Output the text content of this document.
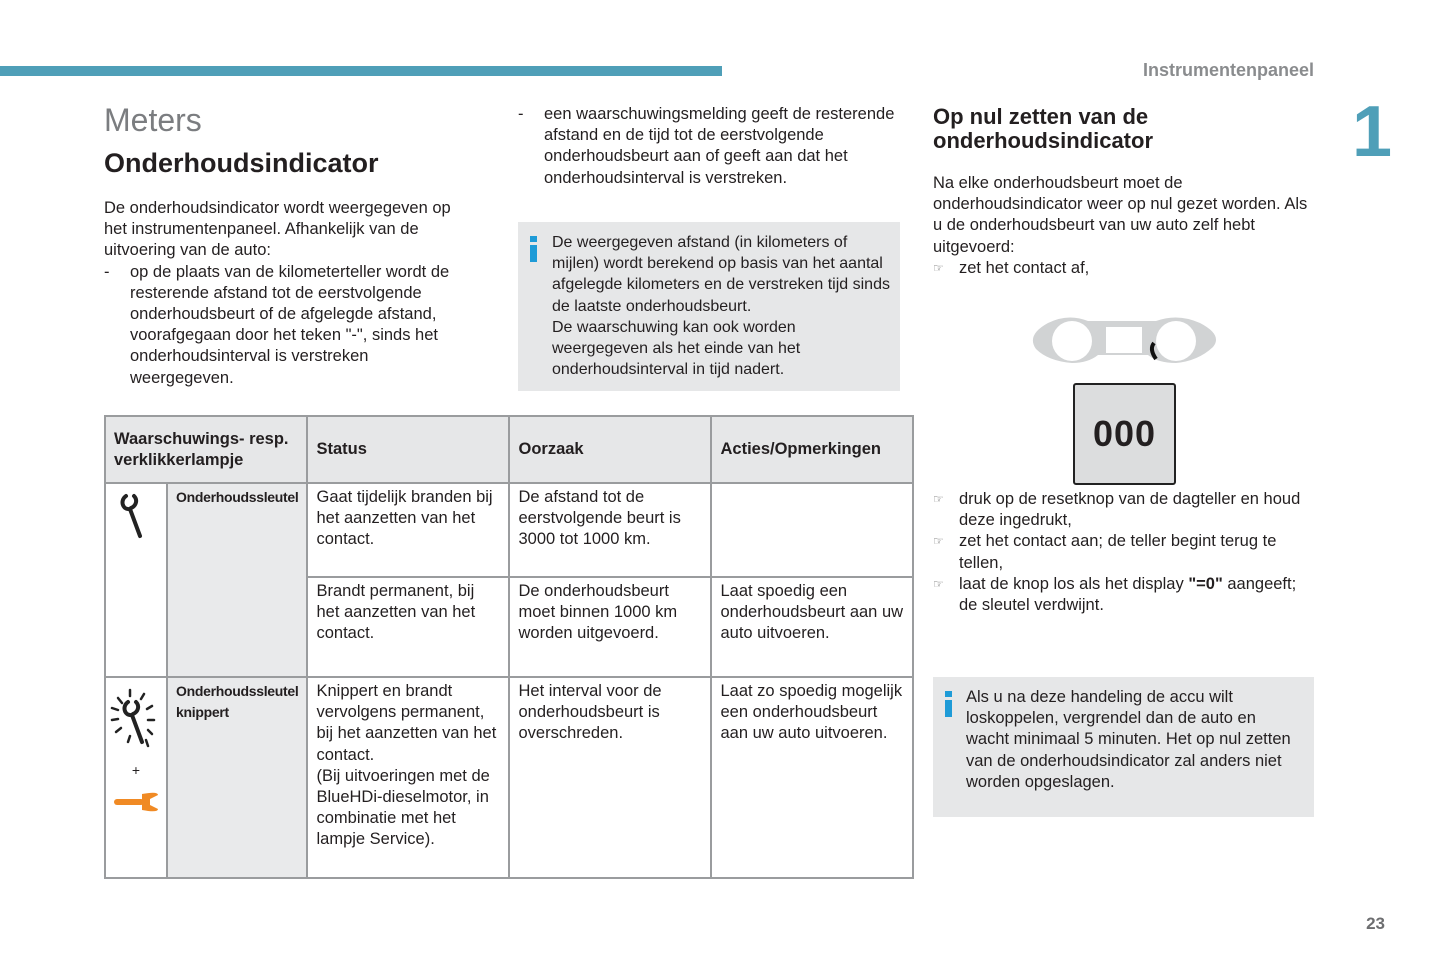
Instrumentenpaneel
1
Meters
Onderhoudsindicator
De onderhoudsindicator wordt weergegeven op het instrumentenpaneel. Afhankelijk van de uitvoering van de auto:
- op de plaats van de kilometerteller wordt de resterende afstand tot de eerstvolgende onderhoudsbeurt of de afgelegde afstand, voorafgegaan door het teken "-", sinds het onderhoudsinterval is verstreken weergegeven.
- een waarschuwingsmelding geeft de resterende afstand en de tijd tot de eerstvolgende onderhoudsbeurt aan of geeft aan dat het onderhoudsinterval is verstreken.
De weergegeven afstand (in kilometers of mijlen) wordt berekend op basis van het aantal afgelegde kilometers en de verstreken tijd sinds de laatste onderhoudsbeurt.
De waarschuwing kan ook worden weergegeven als het einde van het onderhoudsinterval in tijd nadert.
Waarschuwings- resp. verklikkerlampje		Status	Oorzaak	Acties/Opmerkingen
	Onderhoudssleutel	Gaat tijdelijk branden bij het aanzetten van het contact.	De afstand tot de eerstvolgende beurt is 3000 tot 1000 km.	
		Brandt permanent, bij het aanzetten van het contact.	De onderhoudsbeurt moet binnen 1000 km worden uitgevoerd.	Laat spoedig een onderhoudsbeurt aan uw auto uitvoeren.

+	Onderhoudssleutel knippert	Knippert en brandt vervolgens permanent, bij het aanzetten van het contact.
(Bij uitvoeringen met de BlueHDi-dieselmotor, in combinatie met het lampje Service).	Het interval voor de onderhoudsbeurt is overschreden.	Laat zo spoedig mogelijk een onderhoudsbeurt aan uw auto uitvoeren.
Op nul zetten van de onderhoudsindicator
Na elke onderhoudsbeurt moet de onderhoudsindicator weer op nul gezet worden. Als u de onderhoudsbeurt van uw auto zelf hebt uitgevoerd:
☞ zet het contact af,
000
☞ druk op de resetknop van de dagteller en houd deze ingedrukt,
☞ zet het contact aan; de teller begint terug te tellen,
☞ laat de knop los als het display "=0" aangeeft; de sleutel verdwijnt.
Als u na deze handeling de accu wilt loskoppelen, vergrendel dan de auto en wacht minimaal 5 minuten. Het op nul zetten van de onderhoudsindicator zal anders niet worden opgeslagen.
23
